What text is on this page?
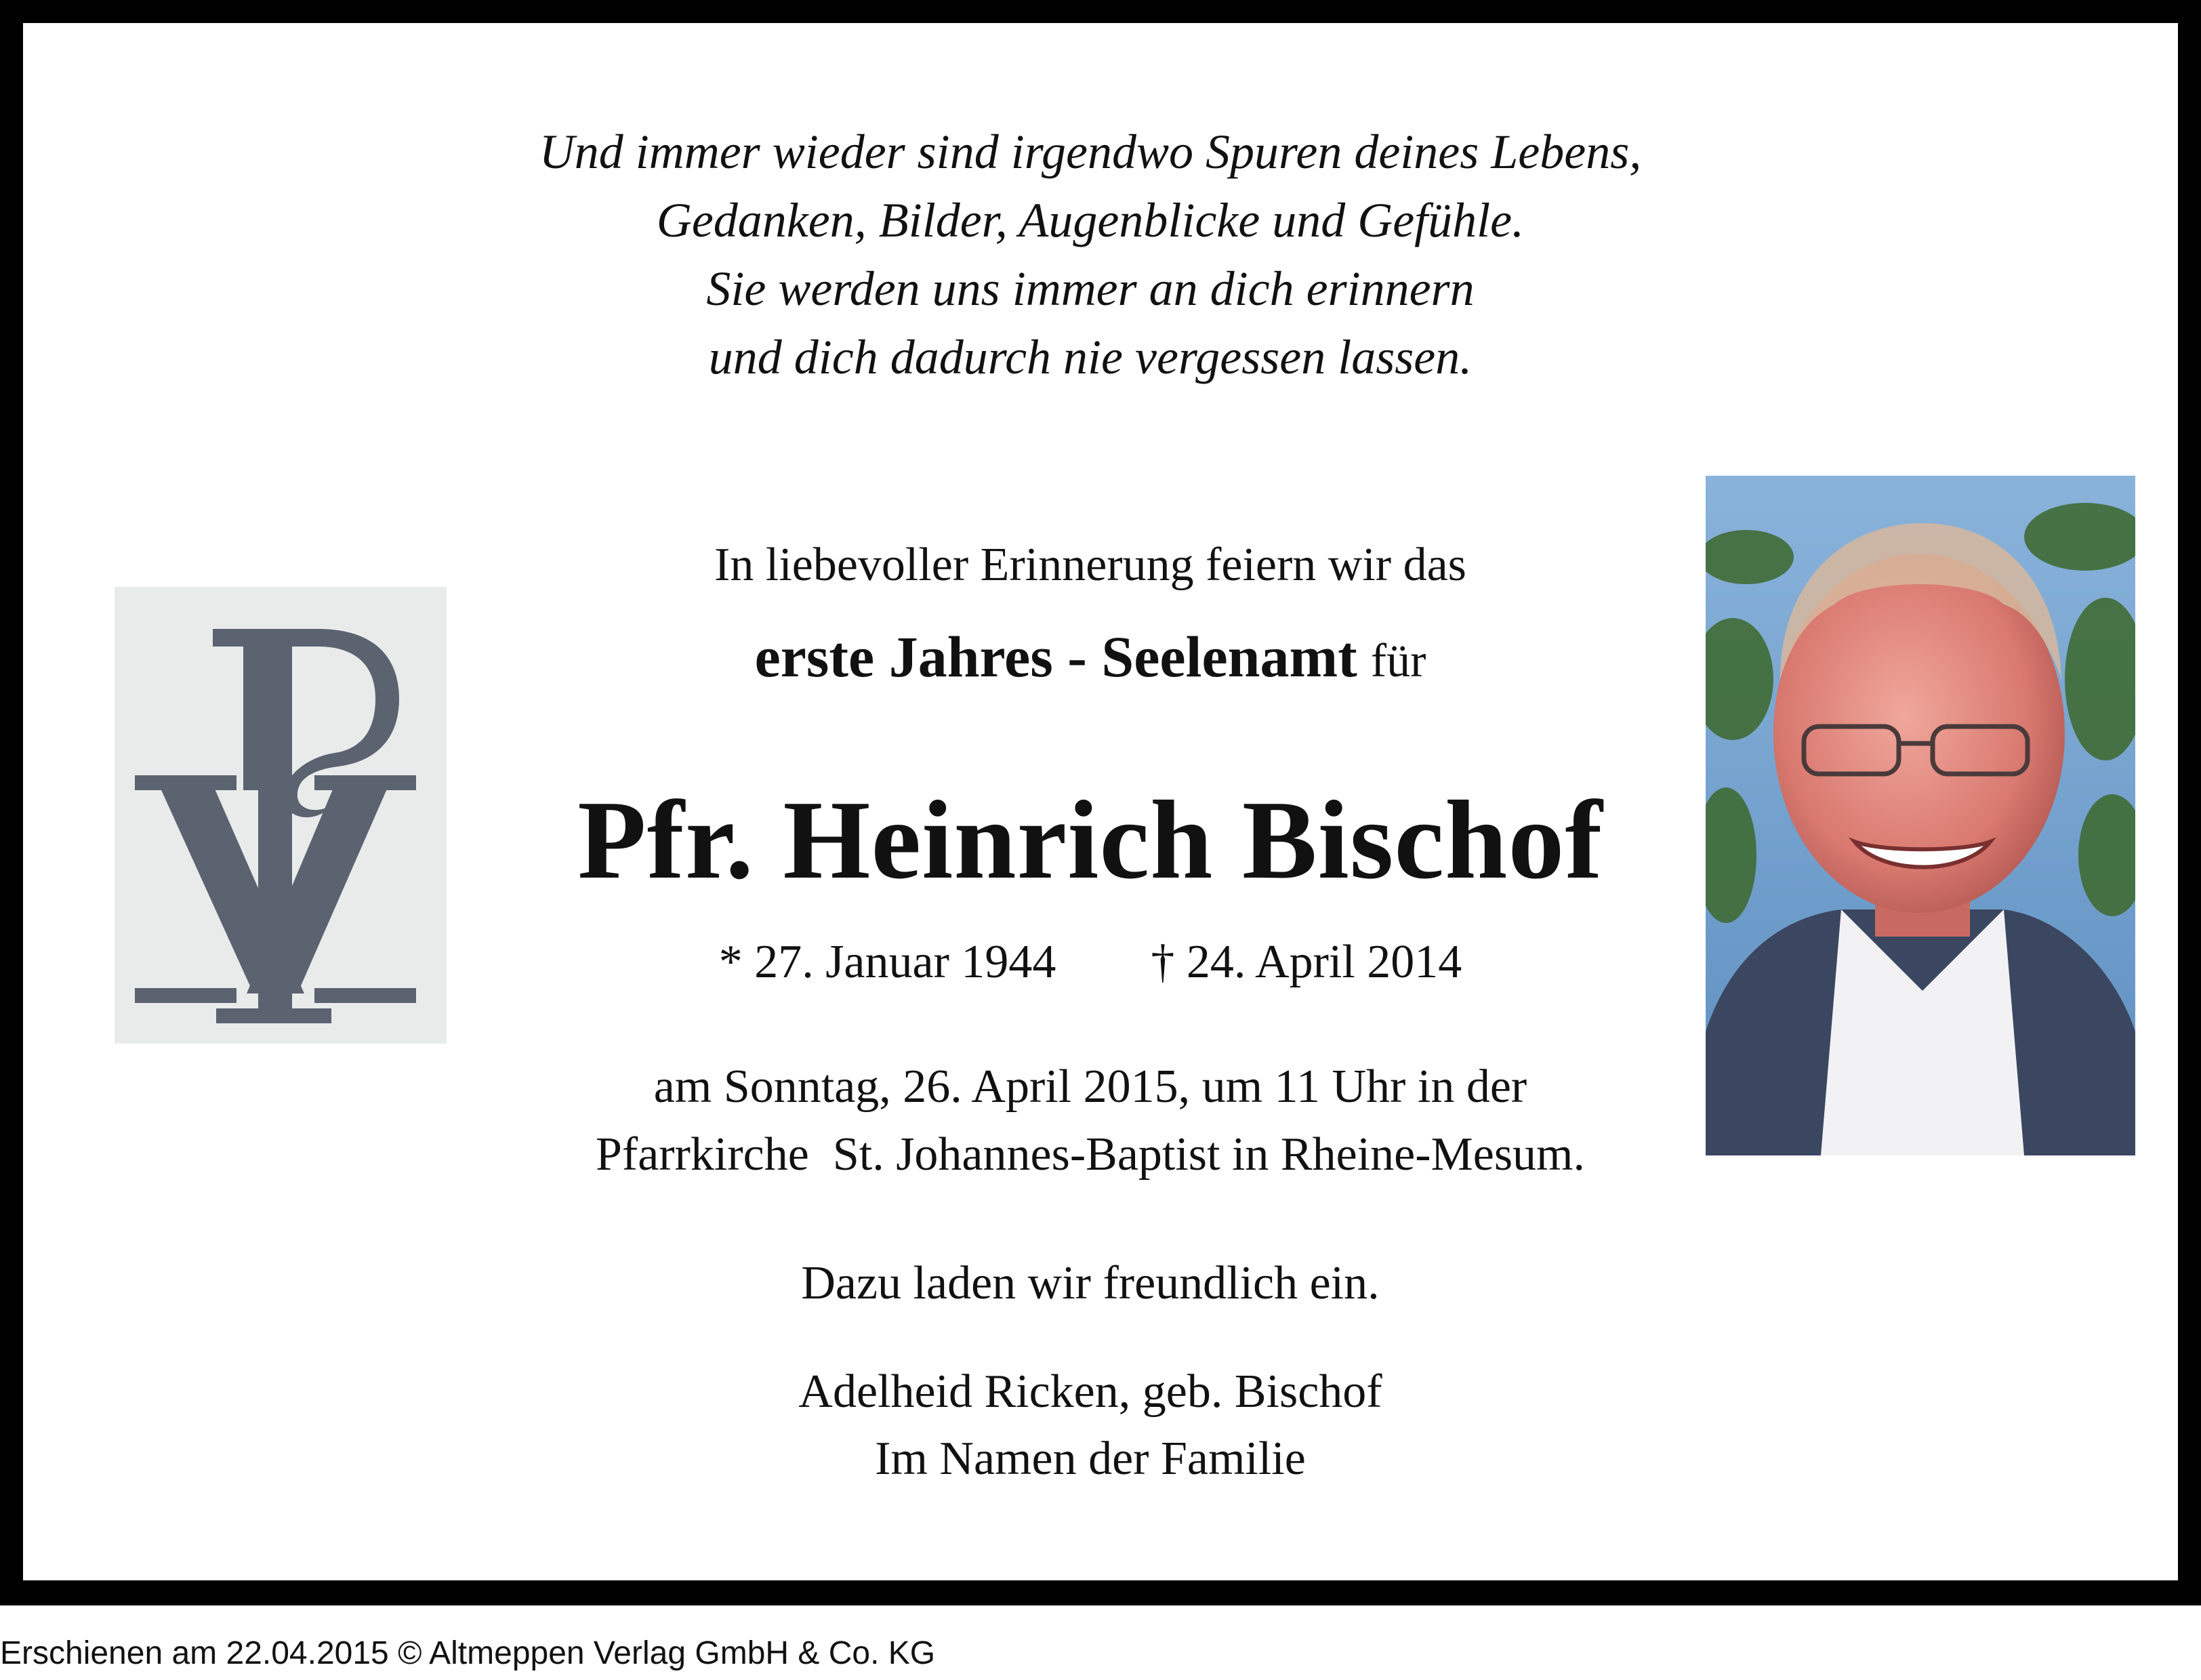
Und immer wieder sind irgendwo Spuren deines Lebens,
Gedanken, Bilder, Augenblicke und Gefühle.
Sie werden uns immer an dich erinnern
und dich dadurch nie vergessen lassen.
In liebevoller Erinnerung feiern wir das
erste Jahres - Seelenamt für
Pfr. Heinrich Bischof
* 27. Januar 1944 † 24. April 2014
am Sonntag, 26. April 2015, um 11 Uhr in der
Pfarrkirche  St. Johannes-Baptist in Rheine-Mesum.
Dazu laden wir freundlich ein.
Adelheid Ricken, geb. Bischof
Im Namen der Familie
Erschienen am 22.04.2015 © Altmeppen Verlag GmbH & Co. KG
